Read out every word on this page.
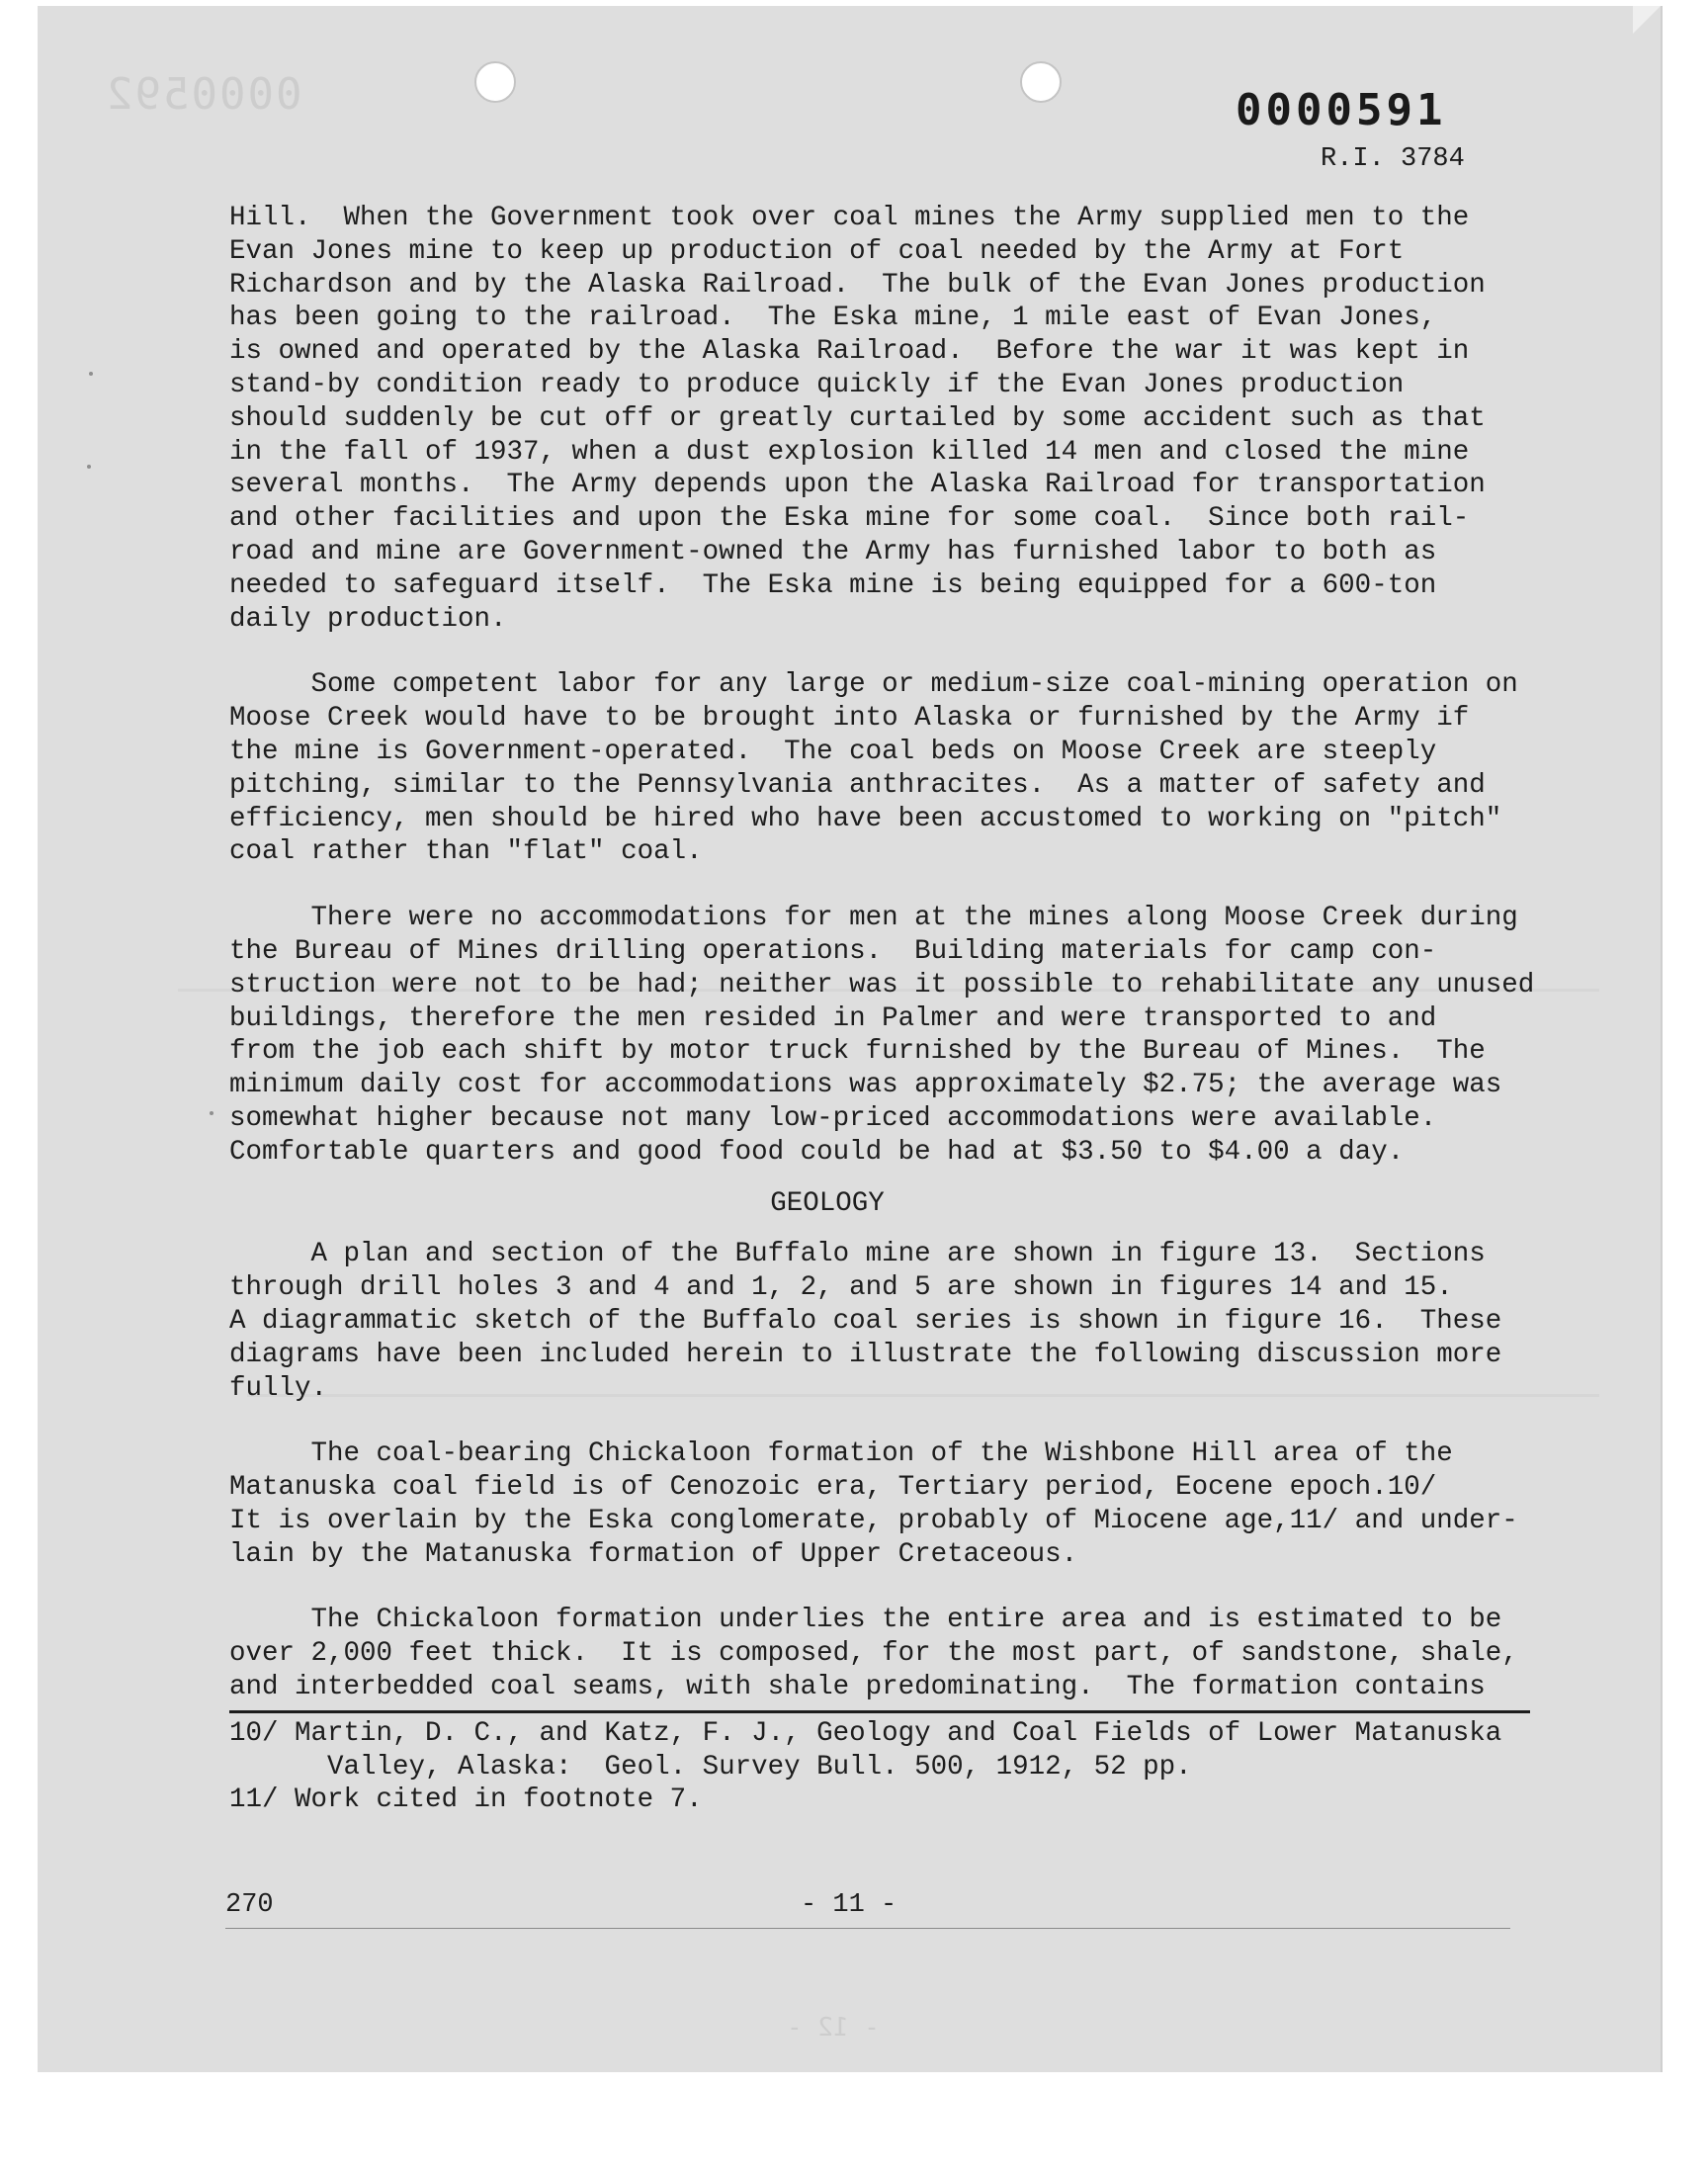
0000592
- 12 -
0000591
R.I. 3784
Hill.  When the Government took over coal mines the Army supplied men to the
Evan Jones mine to keep up production of coal needed by the Army at Fort
Richardson and by the Alaska Railroad.  The bulk of the Evan Jones production
has been going to the railroad.  The Eska mine, 1 mile east of Evan Jones,
is owned and operated by the Alaska Railroad.  Before the war it was kept in
stand-by condition ready to produce quickly if the Evan Jones production
should suddenly be cut off or greatly curtailed by some accident such as that
in the fall of 1937, when a dust explosion killed 14 men and closed the mine
several months.  The Army depends upon the Alaska Railroad for transportation
and other facilities and upon the Eska mine for some coal.  Since both rail-
road and mine are Government-owned the Army has furnished labor to both as
needed to safeguard itself.  The Eska mine is being equipped for a 600-ton
daily production.
Some competent labor for any large or medium-size coal-mining operation on
Moose Creek would have to be brought into Alaska or furnished by the Army if
the mine is Government-operated.  The coal beds on Moose Creek are steeply
pitching, similar to the Pennsylvania anthracites.  As a matter of safety and
efficiency, men should be hired who have been accustomed to working on "pitch"
coal rather than "flat" coal.
There were no accommodations for men at the mines along Moose Creek during
the Bureau of Mines drilling operations.  Building materials for camp con-
struction were not to be had; neither was it possible to rehabilitate any unused
buildings, therefore the men resided in Palmer and were transported to and
from the job each shift by motor truck furnished by the Bureau of Mines.  The
minimum daily cost for accommodations was approximately $2.75; the average was
somewhat higher because not many low-priced accommodations were available.
Comfortable quarters and good food could be had at $3.50 to $4.00 a day.
GEOLOGY
A plan and section of the Buffalo mine are shown in figure 13.  Sections
through drill holes 3 and 4 and 1, 2, and 5 are shown in figures 14 and 15.
A diagrammatic sketch of the Buffalo coal series is shown in figure 16.  These
diagrams have been included herein to illustrate the following discussion more
fully.
The coal-bearing Chickaloon formation of the Wishbone Hill area of the
Matanuska coal field is of Cenozoic era, Tertiary period, Eocene epoch.10/
It is overlain by the Eska conglomerate, probably of Miocene age,11/ and under-
lain by the Matanuska formation of Upper Cretaceous.
The Chickaloon formation underlies the entire area and is estimated to be
over 2,000 feet thick.  It is composed, for the most part, of sandstone, shale,
and interbedded coal seams, with shale predominating.  The formation contains
10/ Martin, D. C., and Katz, F. J., Geology and Coal Fields of Lower Matanuska
Valley, Alaska:  Geol. Survey Bull. 500, 1912, 52 pp.
11/ Work cited in footnote 7.
270	- 11 -
